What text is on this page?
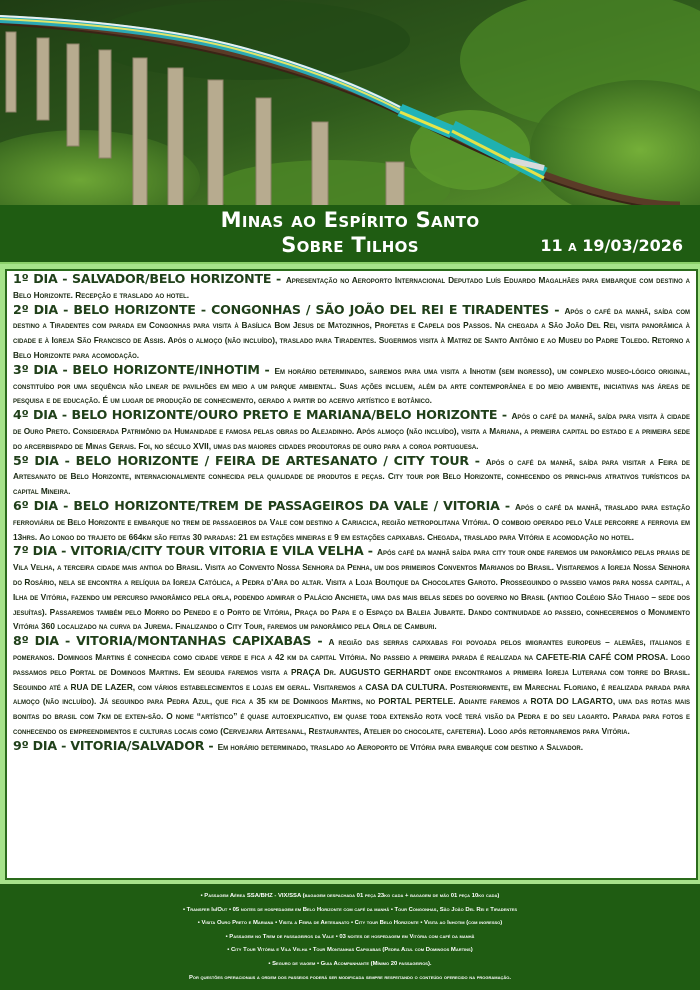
Minas ao Espírito Santo
Sobre Tilhos	11 a 19/03/2026
1º DIA - SALVADOR/BELO HORIZONTE - Apresentação no Aeroporto Internacional Deputado Luís Eduardo Magalhães para embarque com destino a Belo Horizonte. Recepção e traslado ao hotel.
2º DIA - BELO HORIZONTE - CONGONHAS / SÃO JOÃO DEL REI E TIRADENTES - Após o café da manhã, saída com destino a Tiradentes com parada em Congonhas para visita à Basílica Bom Jesus de Matozinhos, Profetas e Capela dos Passos. Na chegada a São João Del Rei, visita panorâmica à cidade e à Igreja São Francisco de Assis. Após o almoço (não incluído), traslado para Tiradentes. Sugerimos visita à Matriz de Santo Antônio e ao Museu do Padre Toledo. Retorno a Belo Horizonte para acomodação.
3º DIA - BELO HORIZONTE/INHOTIM - Em horário determinado, sairemos para uma visita a Inhotim (sem ingresso), um complexo museo-lógico original, constituído por uma sequência não linear de pavilhões em meio a um parque ambiental. Suas ações incluem, além da arte contemporânea e do meio ambiente, iniciativas nas áreas de pesquisa e de educação. É um lugar de produção de conhecimento, gerado a partir do acervo artístico e botânico.
4º DIA - BELO HORIZONTE/OURO PRETO E MARIANA/BELO HORIZONTE - Após o café da manhã, saída para visita à cidade de Ouro Preto. Considerada Patrimônio da Humanidade e famosa pelas obras do Alejadinho. Após almoço (não incluído), visita a Mariana, a primeira capital do estado e a primeira sede do arcerbispado de Minas Gerais. Foi, no século XVII, umas das maiores cidades produtoras de ouro para a coroa portuguesa.
5º DIA - BELO HORIZONTE / FEIRA DE ARTESANATO / CITY TOUR - Após o café da manhã, saída para visitar a Feira de Artesanato de Belo Horizonte, internacionalmente conhecida pela qualidade de produtos e peças. City tour por Belo Horizonte, conhecendo os princi-pais atrativos turísticos da capital Mineira.
6º DIA - BELO HORIZONTE/TREM DE PASSAGEIROS DA VALE / VITORIA - Após o café da manhã, traslado para estação ferroviária de Belo Horizonte e embarque no trem de passageiros da Vale com destino a Cariacica, região metropolitana Vitória. O comboio operado pelo Vale percorre a ferrovia em 13hrs. Ao longo do trajeto de 664km são feitas 30 paradas: 21 em estações mineiras e 9 em estações capixabas. Chegada, traslado para Vitória e acomodação no hotel.
7º DIA - VITORIA/CITY TOUR VITORIA E VILA VELHA - Após café da manhã saída para city tour onde faremos um panorâmico pelas praias de Vila Velha, a terceira cidade mais antiga do Brasil. Visita ao Convento Nossa Senhora da Penha, um dos primeiros Conventos Marianos do Brasil. Visitaremos a Igreja Nossa Senhora do Rosário, nela se encontra a relíquia da Igreja Católica, a Pedra d'Ara do altar. Visita a Loja Boutique da Chocolates Garoto. Prosseguindo o passeio vamos para nossa capital, a Ilha de Vitória, fazendo um percurso panorâmico pela orla, podendo admirar o Palácio Anchieta, uma das mais belas sedes do governo no Brasil (antigo Colégio São Thiago – sede dos jesuítas). Passaremos também pelo Morro do Penedo e o Porto de Vitória, Praça do Papa e o Espaço da Baleia Jubarte. Dando continuidade ao passeio, conheceremos o Monumento Vitória 360 localizado na curva da Jurema. Finalizando o City Tour, faremos um panorâmico pela Orla de Camburi.
8º DIA - VITORIA/MONTANHAS CAPIXABAS - A região das serras capixabas foi povoada pelos imigrantes europeus – alemães, italianos e pomeranos. Domingos Martins é conhecida como cidade verde e fica a 42 km da capital Vitória. No passeio a primeira parada é realizada na CAFETE-RIA CAFÉ COM PROSA. Logo passamos pelo Portal de Domingos Martins. Em seguida faremos visita a PRAÇA Dr. AUGUSTO GERHARDT onde encontramos a primeira Igreja Luterana com torre do Brasil. Seguindo até a RUA DE LAZER, com vários estabelecimentos e lojas em geral. Visitaremos a CASA DA CULTURA. Posteriormente, em Marechal Floriano, é realizada parada para almoço (não incluído). Já seguindo para Pedra Azul, que fica a 35 km de Domingos Martins, no PORTAL PERTELE. Adiante faremos a ROTA DO LAGARTO, uma das rotas mais bonitas do brasil com 7km de exten-são. O nome “artístico” é quase autoexplicativo, em quase toda extensão rota você terá visão da Pedra e do seu lagarto. Parada para fotos e conhecendo os empreendimentos e culturas locais como (Cervejaria Artesanal, Restaurantes, Atelier do chocolate, cafeteria). Logo após retornaremos para Vitória.
9º DIA - VITORIA/SALVADOR - Em horário determinado, traslado ao Aeroporto de Vitória para embarque com destino a Salvador.
• Passagem Aérea SSA/BHZ - VIX/SSA (bagagem despachada 01 peça 23kg cada + bagagem de mão 01 peça 10kg cada)
• Transfer In/Out • 05 noites de hospedagem em Belo Horizonte com café da manhã • Tour Congonhas, São João Del Rei e Tiradentes
• Visita Ouro Preto e Mariana • Visita a Feira de Artesanato • City tour Belo Horizonte • Visita ao Inhotim (com ingresso)
• Passagem no Trem de passageiros da Vale • 03 noites de hospedagem em Vitória com café da manhã
• City Tour Vitória e Vila Velha • Tour Montanhas Capixabas (Pedra Azul com Domingos Martins)
• Seguro de viagem • Guia Acompanhante (Mínimo 20 passageiros).
Por questões operacionais a ordem dos passeios poderá ser modificada sempre respeitando o conteúdo oferecido na programação.
